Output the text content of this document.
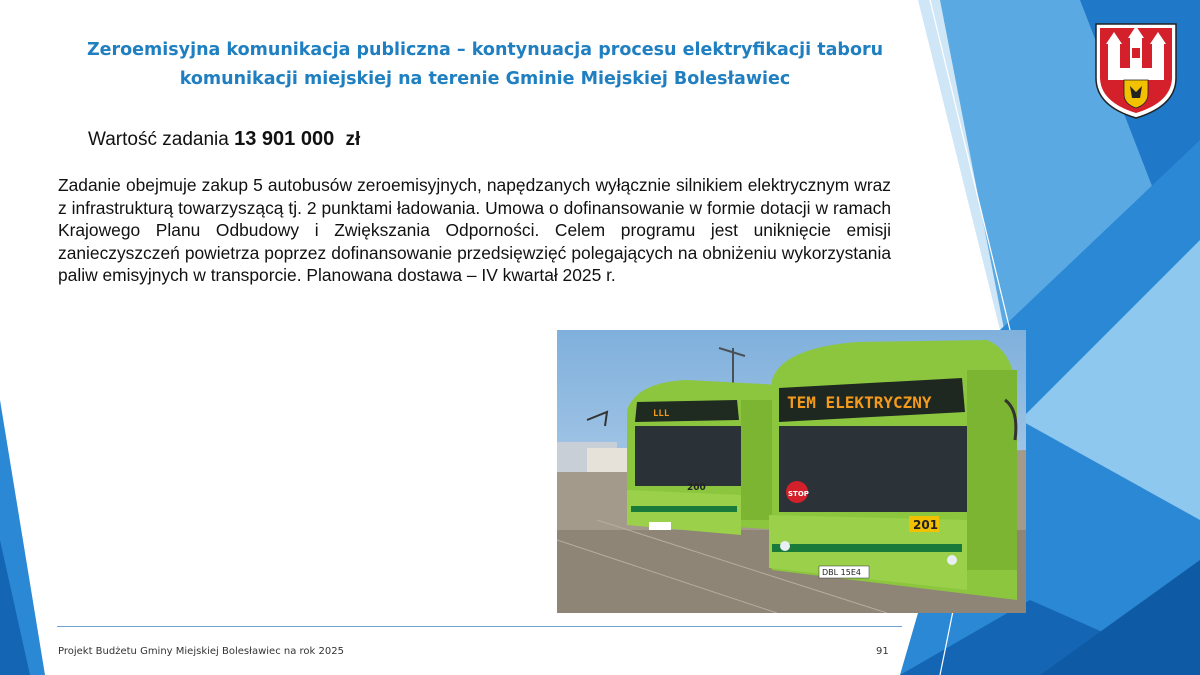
Zeroemisyjna komunikacja publiczna – kontynuacja procesu elektryfikacji taboru
komunikacji miejskiej na terenie Gminie Miejskiej Bolesławiec
Wartość zadania 13 901 000 zł
Zadanie obejmuje zakup 5 autobusów zeroemisyjnych, napędzanych wyłącznie silnikiem elektrycznym wraz z infrastrukturą towarzyszącą tj. 2 punktami ładowania. Umowa o dofinansowanie w formie dotacji w ramach Krajowego Planu Odbudowy i Zwiększania Odporności. Celem programu jest uniknięcie emisji zanieczyszczeń powietrza poprzez dofinansowanie przedsięwzięć polegających na obniżeniu wykorzystania paliw emisyjnych w transporcie. Planowana dostawa – IV kwartał 2025 r.
LLL
200
TEM ELEKTRYCZNY
STOP
201
DBL 15E4
Projekt Budżetu Gminy Miejskiej Bolesławiec na rok 2025	91
